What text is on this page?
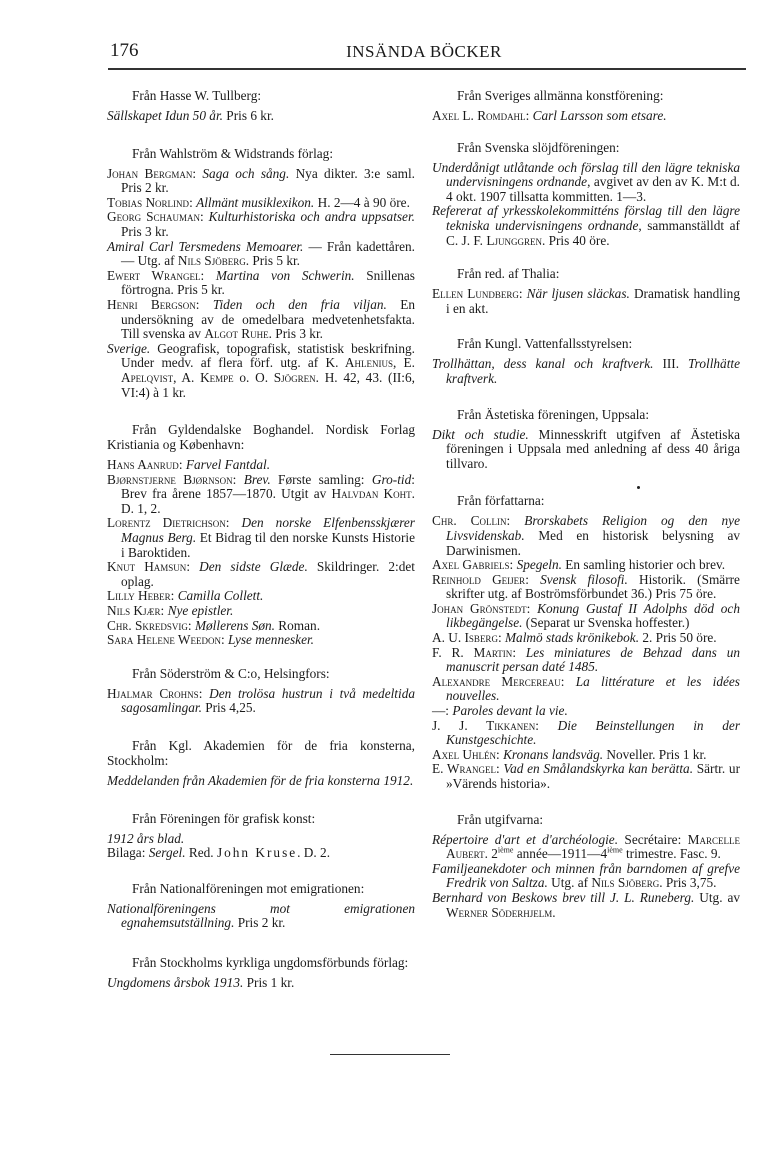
176	INSÄNDA BÖCKER
Från Hasse W. Tullberg:
Sällskapet Idun 50 år. Pris 6 kr.
Från Wahlström & Widstrands förlag:
Johan Bergman: Saga och sång. Nya dikter. 3:e saml. Pris 2 kr.
Tobias Norlind: Allmänt musiklexikon. H. 2—4 à 90 öre.
Georg Schauman: Kulturhistoriska och andra uppsatser. Pris 3 kr.
Amiral Carl Tersmedens Memoarer. — Från kadettåren. — Utg. af Nils Sjöberg. Pris 5 kr.
Ewert Wrangel: Martina von Schwerin. Snillenas förtrogna. Pris 5 kr.
Henri Bergson: Tiden och den fria viljan. En undersökning av de omedelbara medvetenhetsfakta. Till svenska av Algot Ruhe. Pris 3 kr.
Sverige. Geografisk, topografisk, statistisk beskrifning. Under medv. af flera förf. utg. af K. Ahlenius, E. Apelqvist, A. Kempe o. O. Sjögren. H. 42, 43. (II:6, VI:4) à 1 kr.
Från Gyldendalske Boghandel. Nordisk Forlag Kristiania og København:
Hans Aanrud: Farvel Fantdal.
Bjørnstjerne Bjørnson: Brev. Første samling: Gro-tid: Brev fra årene 1857—1870. Utgit av Halvdan Koht. D. 1, 2.
Lorentz Dietrichson: Den norske Elfenbensskjærer Magnus Berg. Et Bidrag til den norske Kunsts Historie i Baroktiden.
Knut Hamsun: Den sidste Glæde. Skildringer. 2:det oplag.
Lilly Heber: Camilla Collett.
Nils Kjær: Nye epistler.
Chr. Skredsvig: Møllerens Søn. Roman.
Sara Helene Weedon: Lyse mennesker.
Från Söderström & C:o, Helsingfors:
Hjalmar Crohns: Den trolösa hustrun i två medeltida sagosamlingar. Pris 4,25.
Från Kgl. Akademien för de fria konsterna, Stockholm:
Meddelanden från Akademien för de fria konsterna 1912.
Från Föreningen för grafisk konst:
1912 års blad.
Bilaga: Sergel. Red. John Kruse. D. 2.
Från Nationalföreningen mot emigrationen:
Nationalföreningens mot emigrationen egnahemsutställning. Pris 2 kr.
Från Stockholms kyrkliga ungdomsförbunds förlag:
Ungdomens årsbok 1913. Pris 1 kr.
Från Sveriges allmänna konstförening:
Axel L. Romdahl: Carl Larsson som etsare.
Från Svenska slöjdföreningen:
Underdånigt utlåtande och förslag till den lägre tekniska undervisningens ordnande, avgivet av den av K. M:t d. 4 okt. 1907 tillsatta kommitten. 1—3.
Refererat af yrkesskolekommitténs förslag till den lägre tekniska undervisningens ordnande, sammanställdt af C. J. F. Ljunggren. Pris 40 öre.
Från red. af Thalia:
Ellen Lundberg: När ljusen släckas. Dramatisk handling i en akt.
Från Kungl. Vattenfallsstyrelsen:
Trollhättan, dess kanal och kraftverk. III. Trollhätte kraftverk.
Från Ästetiska föreningen, Uppsala:
Dikt och studie. Minnesskrift utgifven af Ästetiska föreningen i Uppsala med anledning af dess 40 åriga tillvaro.
Från författarna:
Chr. Collin: Brorskabets Religion og den nye Livsvidenskab. Med en historisk belysning av Darwinismen.
Axel Gabriels: Spegeln. En samling historier och brev.
Reinhold Geijer: Svensk filosofi. Historik. (Smärre skrifter utg. af Boströmsförbundet 36.) Pris 75 öre.
Johan Grönstedt: Konung Gustaf II Adolphs död och likbegängelse. (Separat ur Svenska hoffester.)
A. U. Isberg: Malmö stads krönikebok. 2. Pris 50 öre.
F. R. Martin: Les miniatures de Behzad dans un manuscrit persan daté 1485.
Alexandre Mercereau: La littérature et les idées nouvelles.
—: Paroles devant la vie.
J. J. Tikkanen: Die Beinstellungen in der Kunstgeschichte.
Axel Uhlén: Kronans landsväg. Noveller. Pris 1 kr.
E. Wrangel: Vad en Smålandskyrka kan berätta. Särtr. ur »Värends historia».
Från utgifvarna:
Répertoire d'art et d'archéologie. Secrétaire: Marcelle Aubert. 2ième année—1911—4ième trimestre. Fasc. 9.
Familjeanekdoter och minnen från barndomen af grefve Fredrik von Saltza. Utg. af Nils Sjöberg. Pris 3,75.
Bernhard von Beskows brev till J. L. Runeberg. Utg. av Werner Söderhjelm.
